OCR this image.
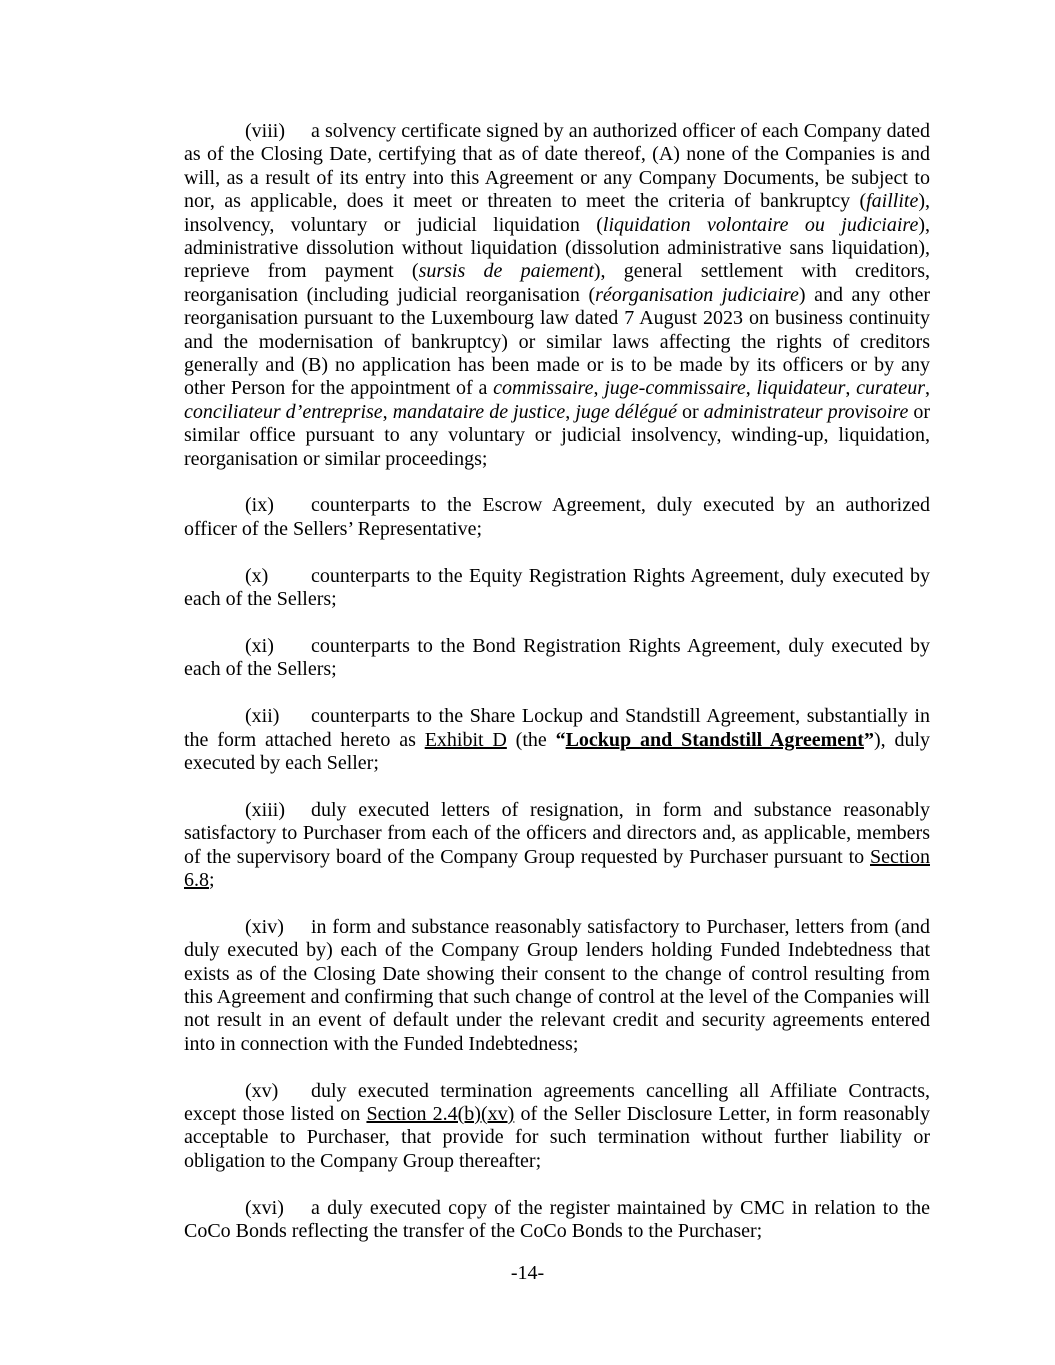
(viii) a solvency certificate signed by an authorized officer of each Company dated as of the Closing Date, certifying that as of date thereof, (A) none of the Companies is and will, as a result of its entry into this Agreement or any Company Documents, be subject to nor, as applicable, does it meet or threaten to meet the criteria of bankruptcy (faillite), insolvency, voluntary or judicial liquidation (liquidation volontaire ou judiciaire), administrative dissolution without liquidation (dissolution administrative sans liquidation), reprieve from payment (sursis de paiement), general settlement with creditors, reorganisation (including judicial reorganisation (réorganisation judiciaire) and any other reorganisation pursuant to the Luxembourg law dated 7 August 2023 on business continuity and the modernisation of bankruptcy) or similar laws affecting the rights of creditors generally and (B) no application has been made or is to be made by its officers or by any other Person for the appointment of a commissaire, juge-commissaire, liquidateur, curateur, conciliateur d’entreprise, mandataire de justice, juge délégué or administrateur provisoire or similar office pursuant to any voluntary or judicial insolvency, winding-up, liquidation, reorganisation or similar proceedings;

(ix) counterparts to the Escrow Agreement, duly executed by an authorized officer of the Sellers’ Representative;

(x) counterparts to the Equity Registration Rights Agreement, duly executed by each of the Sellers;

(xi) counterparts to the Bond Registration Rights Agreement, duly executed by each of the Sellers;

(xii) counterparts to the Share Lockup and Standstill Agreement, substantially in the form attached hereto as Exhibit D (the “Lockup and Standstill Agreement”), duly executed by each Seller;

(xiii) duly executed letters of resignation, in form and substance reasonably satisfactory to Purchaser from each of the officers and directors and, as applicable, members of the supervisory board of the Company Group requested by Purchaser pursuant to Section 6.8;

(xiv) in form and substance reasonably satisfactory to Purchaser, letters from (and duly executed by) each of the Company Group lenders holding Funded Indebtedness that exists as of the Closing Date showing their consent to the change of control resulting from this Agreement and confirming that such change of control at the level of the Companies will not result in an event of default under the relevant credit and security agreements entered into in connection with the Funded Indebtedness;

(xv) duly executed termination agreements cancelling all Affiliate Contracts, except those listed on Section 2.4(b)(xv) of the Seller Disclosure Letter, in form reasonably acceptable to Purchaser, that provide for such termination without further liability or obligation to the Company Group thereafter;

(xvi) a duly executed copy of the register maintained by CMC in relation to the CoCo Bonds reflecting the transfer of the CoCo Bonds to the Purchaser;

-14-
